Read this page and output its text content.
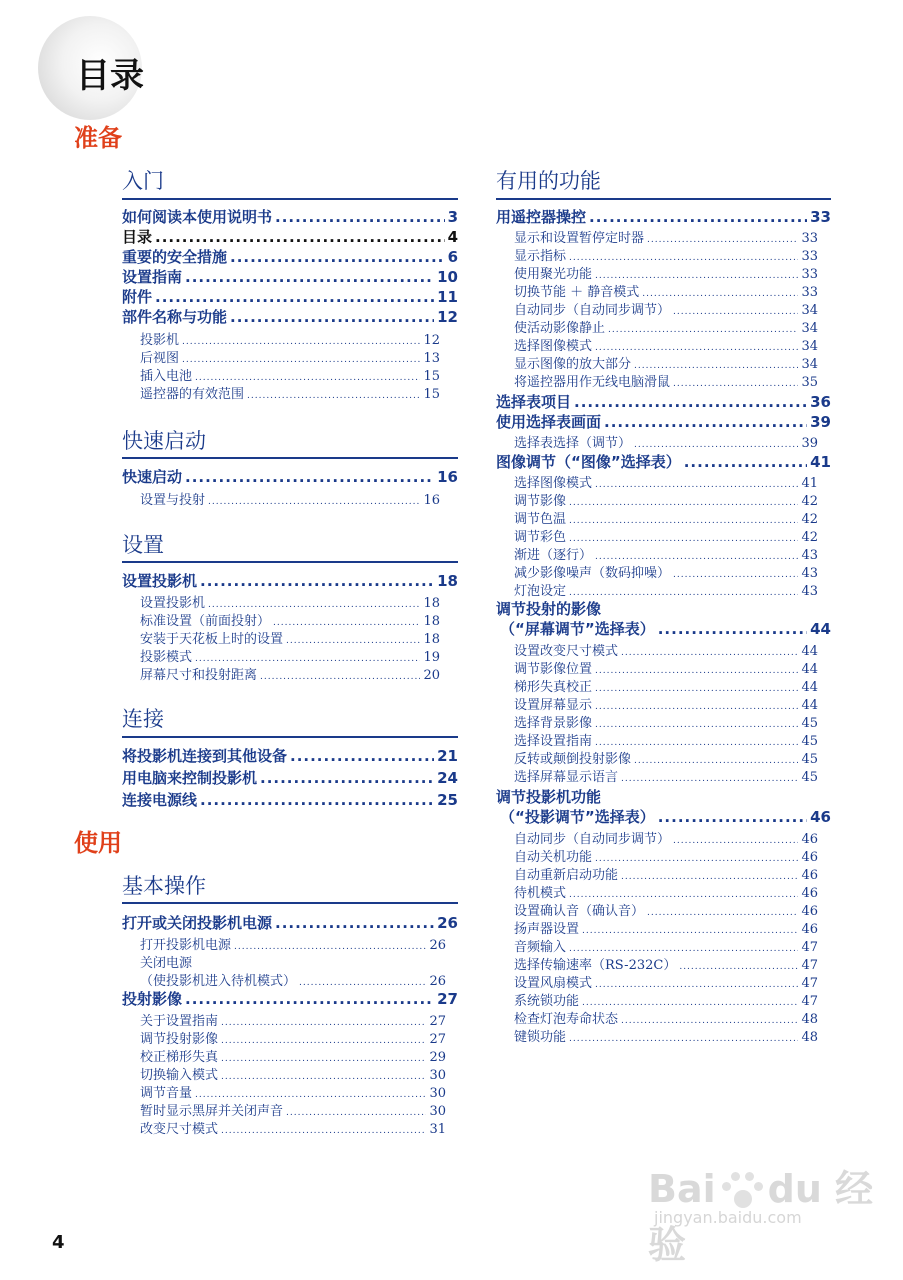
目录
准备
使用
入门
如何阅读本使用说明书 .....	3
目录 .....	4
重要的安全措施 .....	6
设置指南 .....	10
附件 .....	11
部件名称与功能 .....	12
投影机 .....	12
后视图 .....	13
插入电池 .....	15
遥控器的有效范围 .....	15
快速启动
快速启动 .....	16
设置与投射 .....	16
设置
设置投影机 .....	18
设置投影机 .....	18
标准设置（前面投射） .....	18
安装于天花板上时的设置 .....	18
投影模式 .....	19
屏幕尺寸和投射距离 .....	20
连接
将投影机连接到其他设备 .....	21
用电脑来控制投影机 .....	24
连接电源线 .....	25
基本操作
打开或关闭投影机电源 .....	26
打开投影机电源 .....	26
关闭电源
（使投影机进入待机模式） .....	26
投射影像 .....	27
关于设置指南 .....	27
调节投射影像 .....	27
校正梯形失真 .....	29
切换输入模式 .....	30
调节音量 .....	30
暂时显示黑屏并关闭声音 .....	30
改变尺寸模式 .....	31
有用的功能
用遥控器操控 .....	33
显示和设置暂停定时器 .....	33
显示指标 .....	33
使用聚光功能 .....	33
切换节能 ＋ 静音模式 .....	33
自动同步（自动同步调节） .....	34
使活动影像静止 .....	34
选择图像模式 .....	34
显示图像的放大部分 .....	34
将遥控器用作无线电脑滑鼠 .....	35
选择表项目 .....	36
使用选择表画面 .....	39
选择表选择（调节） .....	39
图像调节（“图像”选择表） .....	41
选择图像模式 .....	41
调节影像 .....	42
调节色温 .....	42
调节彩色 .....	42
渐进（逐行） .....	43
减少影像噪声（数码抑噪） .....	43
灯泡设定 .....	43
调节投射的影像
（“屏幕调节”选择表） .....	44
设置改变尺寸模式 .....	44
调节影像位置 .....	44
梯形失真校正 .....	44
设置屏幕显示 .....	44
选择背景影像 .....	45
选择设置指南 .....	45
反转或颠倒投射影像 .....	45
选择屏幕显示语言 .....	45
调节投影机功能
（“投影调节”选择表） .....	46
自动同步（自动同步调节） .....	46
自动关机功能 .....	46
自动重新启动功能 .....	46
待机模式 .....	46
设置确认音（确认音） .....	46
扬声器设置 .....	46
音频输入 .....	47
选择传输速率（RS-232C） .....	47
设置风扇模式 .....	47
系统锁功能 .....	47
检查灯泡寿命状态 .....	48
键锁功能 .....	48
4
Bai du 经验
jingyan.baidu.com
